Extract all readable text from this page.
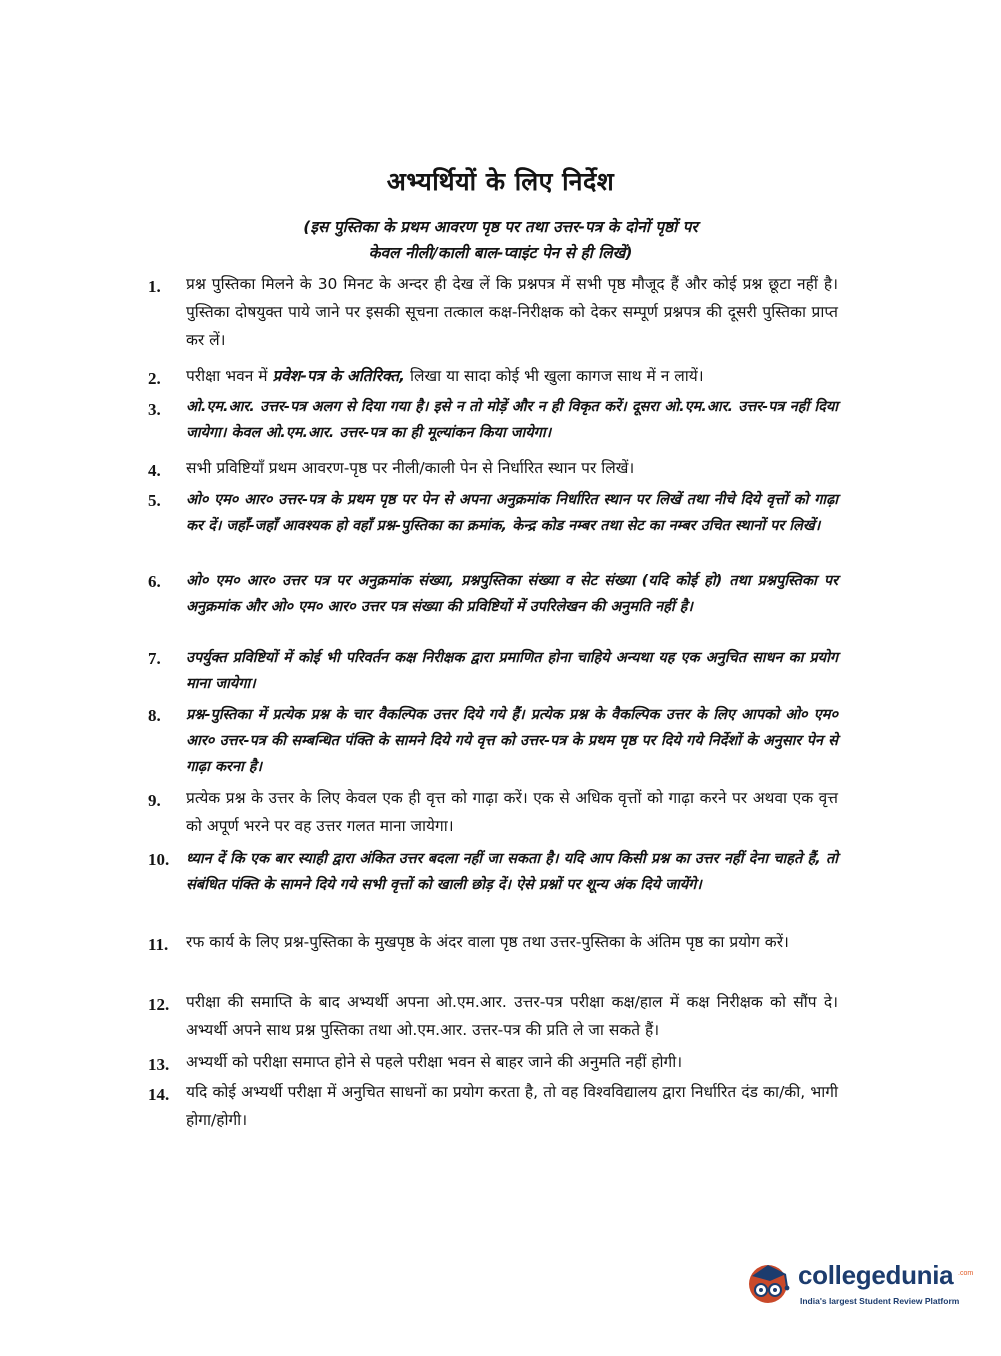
अभ्यर्थियों के लिए निर्देश
(इस पुस्तिका के प्रथम आवरण पृष्ठ पर तथा उत्तर-पत्र के दोनों पृष्ठों पर
केवल नीली/काली बाल-प्वाइंट पेन से ही लिखें)
1.	प्रश्न पुस्तिका मिलने के 30 मिनट के अन्दर ही देख लें कि प्रश्नपत्र में सभी पृष्ठ मौजूद हैं और कोई प्रश्न छूटा नहीं है। पुस्तिका दोषयुक्त पाये जाने पर इसकी सूचना तत्काल कक्ष-निरीक्षक को देकर सम्पूर्ण प्रश्नपत्र की दूसरी पुस्तिका प्राप्त कर लें।
2.	परीक्षा भवन में प्रवेश-पत्र के अतिरिक्त, लिखा या सादा कोई भी खुला कागज साथ में न लायें।
3.	ओ.एम.आर. उत्तर-पत्र अलग से दिया गया है। इसे न तो मोड़ें और न ही विकृत करें। दूसरा ओ.एम.आर. उत्तर-पत्र नहीं दिया जायेगा। केवल ओ.एम.आर. उत्तर-पत्र का ही मूल्यांकन किया जायेगा।
4.	सभी प्रविष्टियाँ प्रथम आवरण-पृष्ठ पर नीली/काली पेन से निर्धारित स्थान पर लिखें।
5.	ओ० एम० आर० उत्तर-पत्र के प्रथम पृष्ठ पर पेन से अपना अनुक्रमांक निर्धारित स्थान पर लिखें तथा नीचे दिये वृत्तों को गाढ़ा कर दें। जहाँ-जहाँ आवश्यक हो वहाँ प्रश्न-पुस्तिका का क्रमांक, केन्द्र कोड नम्बर तथा सेट का नम्बर उचित स्थानों पर लिखें।
6.	ओ० एम० आर० उत्तर पत्र पर अनुक्रमांक संख्या, प्रश्नपुस्तिका संख्या व सेट संख्या (यदि कोई हो) तथा प्रश्नपुस्तिका पर अनुक्रमांक और ओ० एम० आर० उत्तर पत्र संख्या की प्रविष्टियों में उपरिलेखन की अनुमति नहीं है।
7.	उपर्युक्त प्रविष्टियों में कोई भी परिवर्तन कक्ष निरीक्षक द्वारा प्रमाणित होना चाहिये अन्यथा यह एक अनुचित साधन का प्रयोग माना जायेगा।
8.	प्रश्न-पुस्तिका में प्रत्येक प्रश्न के चार वैकल्पिक उत्तर दिये गये हैं। प्रत्येक प्रश्न के वैकल्पिक उत्तर के लिए आपको ओ० एम० आर० उत्तर-पत्र की सम्बन्धित पंक्ति के सामने दिये गये वृत्त को उत्तर-पत्र के प्रथम पृष्ठ पर दिये गये निर्देशों के अनुसार पेन से गाढ़ा करना है।
9.	प्रत्येक प्रश्न के उत्तर के लिए केवल एक ही वृत्त को गाढ़ा करें। एक से अधिक वृत्तों को गाढ़ा करने पर अथवा एक वृत्त को अपूर्ण भरने पर वह उत्तर गलत माना जायेगा।
10.	ध्यान दें कि एक बार स्याही द्वारा अंकित उत्तर बदला नहीं जा सकता है। यदि आप किसी प्रश्न का उत्तर नहीं देना चाहते हैं, तो संबंधित पंक्ति के सामने दिये गये सभी वृत्तों को खाली छोड़ दें। ऐसे प्रश्नों पर शून्य अंक दिये जायेंगे।
11.	रफ कार्य के लिए प्रश्न-पुस्तिका के मुखपृष्ठ के अंदर वाला पृष्ठ तथा उत्तर-पुस्तिका के अंतिम पृष्ठ का प्रयोग करें।
12.	परीक्षा की समाप्ति के बाद अभ्यर्थी अपना ओ.एम.आर. उत्तर-पत्र परीक्षा कक्ष/हाल में कक्ष निरीक्षक को सौंप दे। अभ्यर्थी अपने साथ प्रश्न पुस्तिका तथा ओ.एम.आर. उत्तर-पत्र की प्रति ले जा सकते हैं।
13.	अभ्यर्थी को परीक्षा समाप्त होने से पहले परीक्षा भवन से बाहर जाने की अनुमति नहीं होगी।
14.	यदि कोई अभ्यर्थी परीक्षा में अनुचित साधनों का प्रयोग करता है, तो वह विश्वविद्यालय द्वारा निर्धारित दंड का/की, भागी होगा/होगी।
collegedunia .com
India's largest Student Review Platform
